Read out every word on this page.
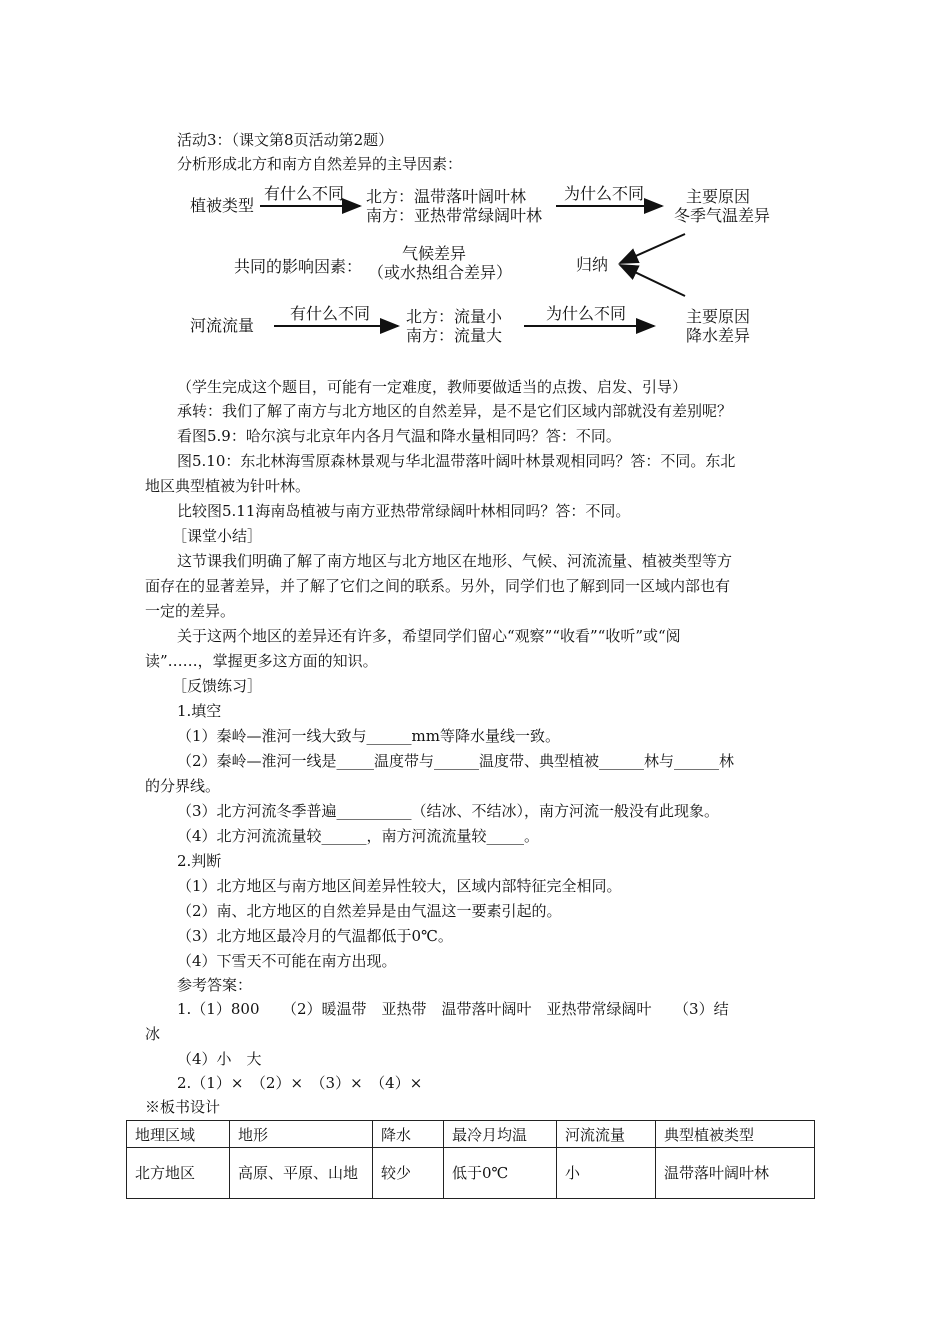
活动3：（课文第8页活动第2题）
分析形成北方和南方自然差异的主导因素：
植被类型
有什么不同 北方：温带落叶阔叶林
南方：亚热带常绿阔叶林
为什么不同	主要原因
冬季气温差异
共同的影响因素：
气候差异
（或水热组合差异）	归纳
河流流量
有什么不同 北方：流量小
南方：流量大
为什么不同	主要原因
降水差异
（学生完成这个题目，可能有一定难度，教师要做适当的点拨、启发、引导）
承转：我们了解了南方与北方地区的自然差异，是不是它们区域内部就没有差别呢？
看图5.9：哈尔滨与北京年内各月气温和降水量相同吗？答：不同。
图5.10：东北林海雪原森林景观与华北温带落叶阔叶林景观相同吗？答：不同。东北
地区典型植被为针叶林。
比较图5.11海南岛植被与南方亚热带常绿阔叶林相同吗？答：不同。
［课堂小结］
这节课我们明确了解了南方地区与北方地区在地形、气候、河流流量、植被类型等方
面存在的显著差异，并了解了它们之间的联系。另外，同学们也了解到同一区域内部也有
一定的差异。
关于这两个地区的差异还有许多，希望同学们留心“观察”“收看”“收听”或“阅
读”……，掌握更多这方面的知识。
［反馈练习］
1.填空
（1）秦岭—淮河一线大致与______mm等降水量线一致。
（2）秦岭—淮河一线是_____温度带与______温度带、典型植被______林与______林
的分界线。
（3）北方河流冬季普遍__________（结冰、不结冰），南方河流一般没有此现象。
（4）北方河流流量较______，南方河流流量较_____。
2.判断
（1）北方地区与南方地区间差异性较大，区域内部特征完全相同。
（2）南、北方地区的自然差异是由气温这一要素引起的。
（3）北方地区最冷月的气温都低于0℃。
（4）下雪天不可能在南方出现。
参考答案：
1.（1）800　　（2）暖温带　亚热带　温带落叶阔叶　亚热带常绿阔叶　　（3）结
冰
（4）小　大
2.（1）×　（2）×　（3）×　（4）×
※板书设计
地理区域	地形	降水	最冷月均温	河流流量	典型植被类型
北方地区	高原、平原、山地	较少	低于0℃	小	温带落叶阔叶林
